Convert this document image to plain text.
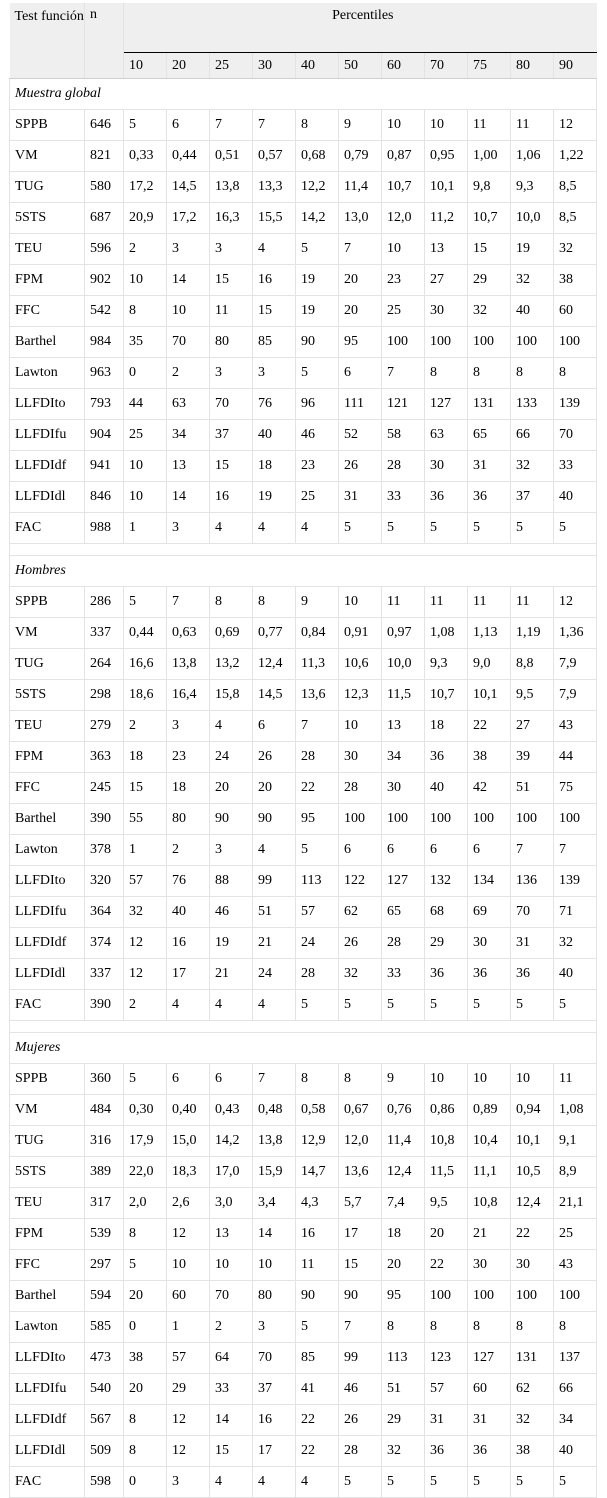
Test función	n	Percentiles										
		10	20	25	30	40	50	60	70	75	80	90
Muestra global												
SPPB	646	5	6	7	7	8	9	10	10	11	11	12
VM	821	0,33	0,44	0,51	0,57	0,68	0,79	0,87	0,95	1,00	1,06	1,22
TUG	580	17,2	14,5	13,8	13,3	12,2	11,4	10,7	10,1	9,8	9,3	8,5
5STS	687	20,9	17,2	16,3	15,5	14,2	13,0	12,0	11,2	10,7	10,0	8,5
TEU	596	2	3	3	4	5	7	10	13	15	19	32
FPM	902	10	14	15	16	19	20	23	27	29	32	38
FFC	542	8	10	11	15	19	20	25	30	32	40	60
Barthel	984	35	70	80	85	90	95	100	100	100	100	100
Lawton	963	0	2	3	3	5	6	7	8	8	8	8
LLFDIto	793	44	63	70	76	96	111	121	127	131	133	139
LLFDIfu	904	25	34	37	40	46	52	58	63	65	66	70
LLFDIdf	941	10	13	15	18	23	26	28	30	31	32	33
LLFDIdl	846	10	14	16	19	25	31	33	36	36	37	40
FAC	988	1	3	4	4	4	5	5	5	5	5	5

Hombres												
SPPB	286	5	7	8	8	9	10	11	11	11	11	12
VM	337	0,44	0,63	0,69	0,77	0,84	0,91	0,97	1,08	1,13	1,19	1,36
TUG	264	16,6	13,8	13,2	12,4	11,3	10,6	10,0	9,3	9,0	8,8	7,9
5STS	298	18,6	16,4	15,8	14,5	13,6	12,3	11,5	10,7	10,1	9,5	7,9
TEU	279	2	3	4	6	7	10	13	18	22	27	43
FPM	363	18	23	24	26	28	30	34	36	38	39	44
FFC	245	15	18	20	20	22	28	30	40	42	51	75
Barthel	390	55	80	90	90	95	100	100	100	100	100	100
Lawton	378	1	2	3	4	5	6	6	6	6	7	7
LLFDIto	320	57	76	88	99	113	122	127	132	134	136	139
LLFDIfu	364	32	40	46	51	57	62	65	68	69	70	71
LLFDIdf	374	12	16	19	21	24	26	28	29	30	31	32
LLFDIdl	337	12	17	21	24	28	32	33	36	36	36	40
FAC	390	2	4	4	4	5	5	5	5	5	5	5

Mujeres												
SPPB	360	5	6	6	7	8	8	9	10	10	10	11
VM	484	0,30	0,40	0,43	0,48	0,58	0,67	0,76	0,86	0,89	0,94	1,08
TUG	316	17,9	15,0	14,2	13,8	12,9	12,0	11,4	10,8	10,4	10,1	9,1
5STS	389	22,0	18,3	17,0	15,9	14,7	13,6	12,4	11,5	11,1	10,5	8,9
TEU	317	2,0	2,6	3,0	3,4	4,3	5,7	7,4	9,5	10,8	12,4	21,1
FPM	539	8	12	13	14	16	17	18	20	21	22	25
FFC	297	5	10	10	10	11	15	20	22	30	30	43
Barthel	594	20	60	70	80	90	90	95	100	100	100	100
Lawton	585	0	1	2	3	5	7	8	8	8	8	8
LLFDIto	473	38	57	64	70	85	99	113	123	127	131	137
LLFDIfu	540	20	29	33	37	41	46	51	57	60	62	66
LLFDIdf	567	8	12	14	16	22	26	29	31	31	32	34
LLFDIdl	509	8	12	15	17	22	28	32	36	36	38	40
FAC	598	0	3	4	4	4	5	5	5	5	5	5
